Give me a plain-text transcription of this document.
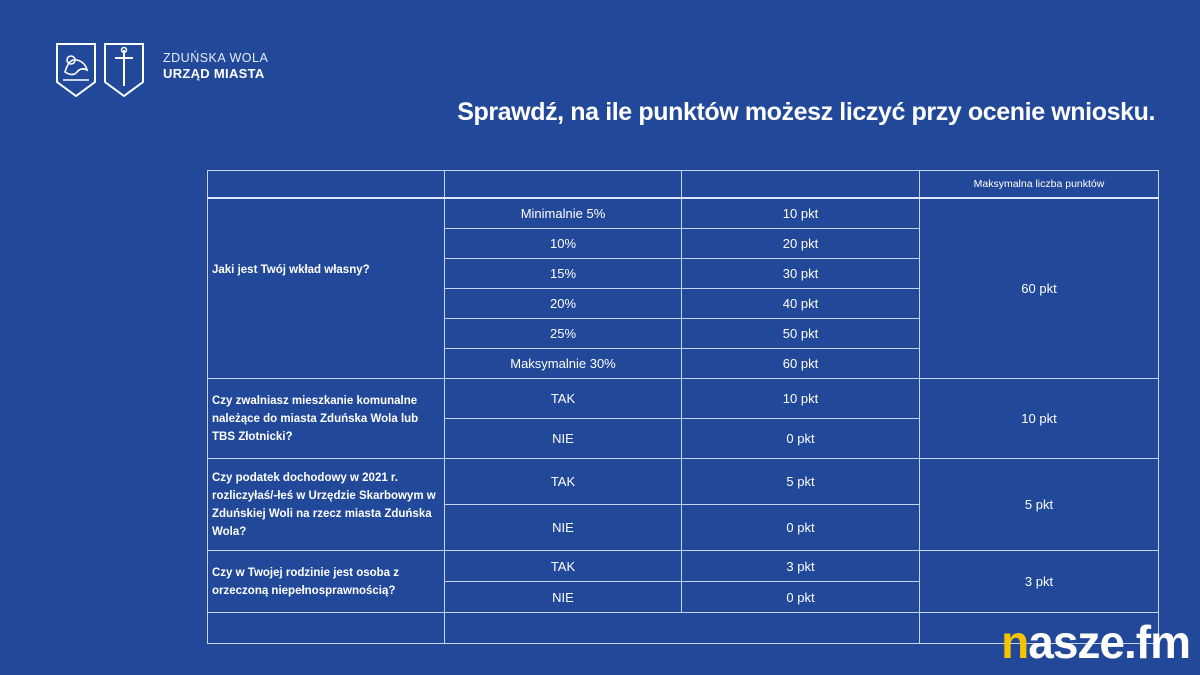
ZDUŃSKA WOLA
URZĄD MIASTA
Sprawdź, na ile punktów możesz liczyć przy ocenie wniosku.
			Maksymalna liczba punktów
Jaki jest Twój wkład własny?	Minimalnie 5%	10 pkt	60 pkt
	10%	20 pkt	
	15%	30 pkt	
	20%	40 pkt	
	25%	50 pkt	
	Maksymalnie 30%	60 pkt	
Czy zwalniasz mieszkanie komunalne należące do miasta Zduńska Wola lub TBS Złotnicki?	TAK	10 pkt	10 pkt
	NIE	0 pkt	
Czy podatek dochodowy w 2021 r. rozliczyłaś/-łeś w Urzędzie Skarbowym w Zduńskiej Woli na rzecz miasta Zduńska Wola?	TAK	5 pkt	5 pkt
	NIE	0 pkt	
Czy w Twojej rodzinie jest osoba z orzeczoną niepełnosprawnością?	TAK	3 pkt	3 pkt
	NIE	0 pkt	

nasze.fm
